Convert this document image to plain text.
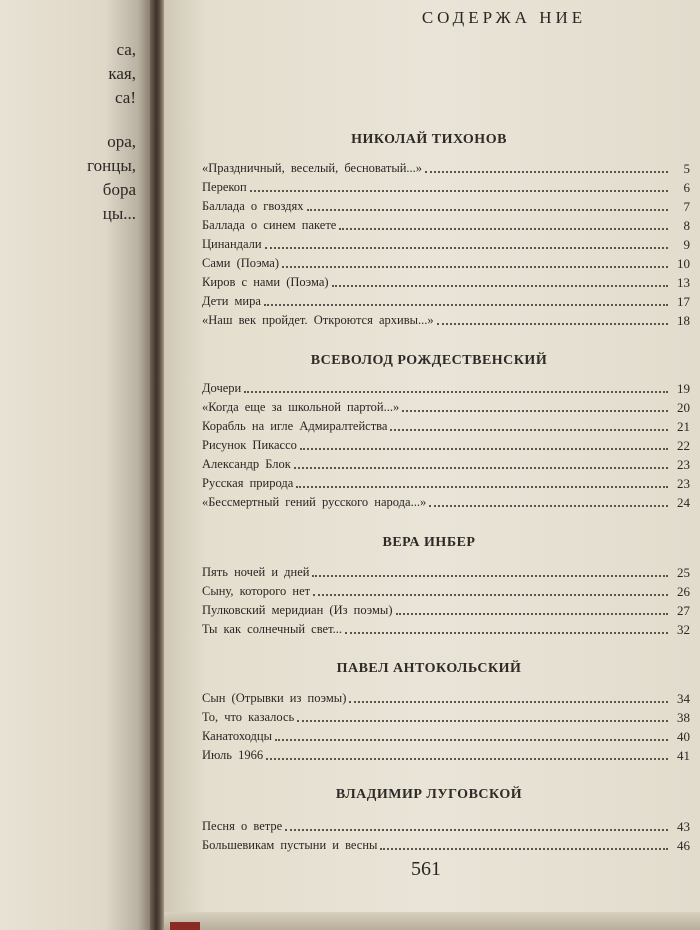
са,
кая,
са!
ора,
гонцы,
бора
цы...
СОДЕРЖА НИЕ
НИКОЛАЙ ТИХОНОВ
«Праздничный, веселый, бесноватый...»	5
Перекоп	6
Баллада о гвоздях	7
Баллада о синем пакете	8
Цинандали	9
Сами (Поэма)	10
Киров с нами (Поэма)	13
Дети мира	17
«Наш век пройдет. Откроются архивы...»	18
ВСЕВОЛОД РОЖДЕСТВЕНСКИЙ
Дочери	19
«Когда еще за школьной партой...»	20
Корабль на игле Адмиралтейства	21
Рисунок Пикассо	22
Александр Блок	23
Русская природа	23
«Бессмертный гений русского народа...»	24
ВЕРА ИНБЕР
Пять ночей и дней	25
Сыну, которого нет	26
Пулковский меридиан (Из поэмы)	27
Ты как солнечный свет...	32
ПАВЕЛ АНТОКОЛЬСКИЙ
Сын (Отрывки из поэмы)	34
То, что казалось	38
Канатоходцы	40
Июль 1966	41
ВЛАДИМИР ЛУГОВСКОЙ
Песня о ветре	43
Большевикам пустыни и весны	46
561
